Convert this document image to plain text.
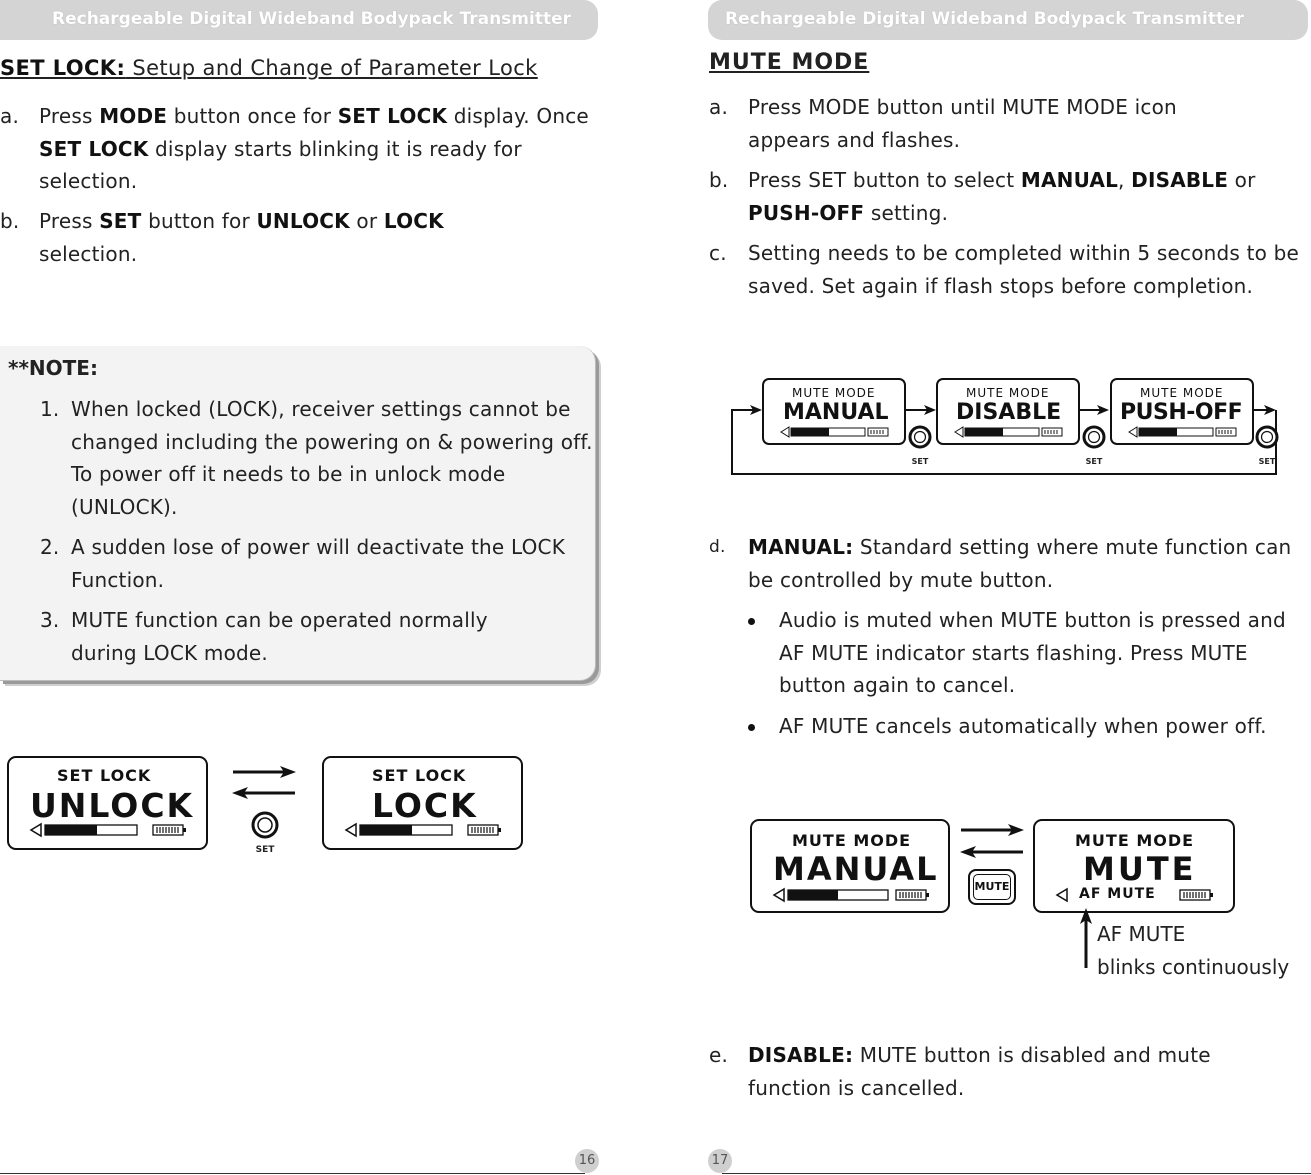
Rechargeable Digital Wideband Bodypack Transmitter	Rechargeable Digital Wideband Bodypack Transmitter
SET LOCK: Setup and Change of Parameter Lock
a. Press MODE button once for SET LOCK display. Once SET LOCK display starts blinking it is ready for selection.
b. Press SET button for UNLOCK or LOCK selection.
**NOTE:
1. When locked (LOCK), receiver settings cannot be changed including the powering on & powering off. To power off it needs to be in unlock mode (UNLOCK).
2. A sudden lose of power will deactivate the LOCK Function.
3. MUTE function can be operated normally during LOCK mode.
SET LOCK
UNLOCK
SET
SET LOCK
LOCK
16
MUTE MODE
a. Press MODE button until MUTE MODE icon appears and flashes.
b. Press SET button to select MANUAL, DISABLE or PUSH-OFF setting.
c. Setting needs to be completed within 5 seconds to be saved. Set again if flash stops before completion.
SET	SET	SET
MUTE MODE
MANUAL
MUTE MODE
DISABLE
MUTE MODE
PUSH-OFF
d. MANUAL: Standard setting where mute function can be controlled by mute button.
Audio is muted when MUTE button is pressed and AF MUTE indicator starts flashing. Press MUTE button again to cancel.
AF MUTE cancels automatically when power off.
MUTE MODE
MANUAL	MUTE
MUTE MODE
MUTE
AF MUTE
AF MUTE
blinks continuously
e. DISABLE: MUTE button is disabled and mute function is cancelled.
17
